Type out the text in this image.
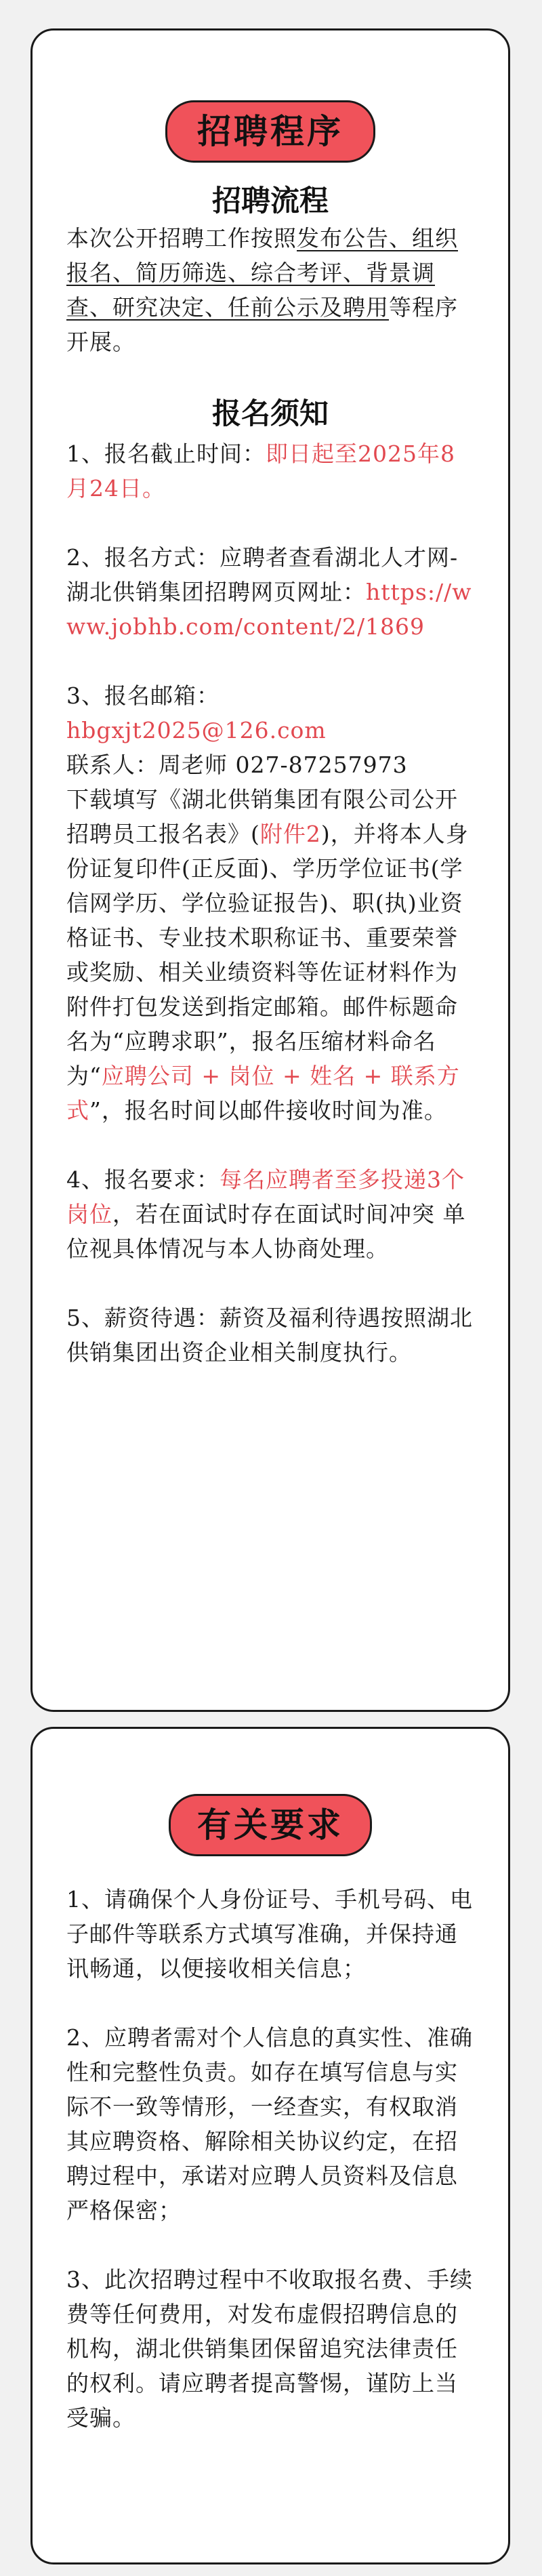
招聘程序
招聘流程

本次公开招聘工作按照发布公告、组织报名、简历筛选、综合考评、背景调查、研究决定、任前公示及聘用等程序开展。

报名须知

1、报名截止时间：即日起至2025年8月24日。

2、报名方式：应聘者查看湖北人才网-湖北供销集团招聘网页网址：https://www.jobhb.com/content/2/1869

3、报名邮箱：
hbgxjt2025@126.com
联系人：周老师 027-87257973
下载填写《湖北供销集团有限公司公开招聘员工报名表》(附件2)，并将本人身份证复印件(正反面)、学历学位证书(学信网学历、学位验证报告)、职(执)业资格证书、专业技术职称证书、重要荣誉或奖励、相关业绩资料等佐证材料作为附件打包发送到指定邮箱。邮件标题命名为“应聘求职”，报名压缩材料命名为“应聘公司 + 岗位 + 姓名 + 联系方式”，报名时间以邮件接收时间为准。

4、报名要求：每名应聘者至多投递3个岗位，若在面试时存在面试时间冲突 单位视具体情况与本人协商处理。

5、薪资待遇：薪资及福利待遇按照湖北供销集团出资企业相关制度执行。

有关要求

1、请确保个人身份证号、手机号码、电子邮件等联系方式填写准确，并保持通讯畅通，以便接收相关信息；

2、应聘者需对个人信息的真实性、准确性和完整性负责。如存在填写信息与实际不一致等情形，一经查实，有权取消其应聘资格、解除相关协议约定，在招聘过程中，承诺对应聘人员资料及信息严格保密；

3、此次招聘过程中不收取报名费、手续费等任何费用，对发布虚假招聘信息的机构，湖北供销集团保留追究法律责任的权利。请应聘者提高警惕，谨防上当受骗。
